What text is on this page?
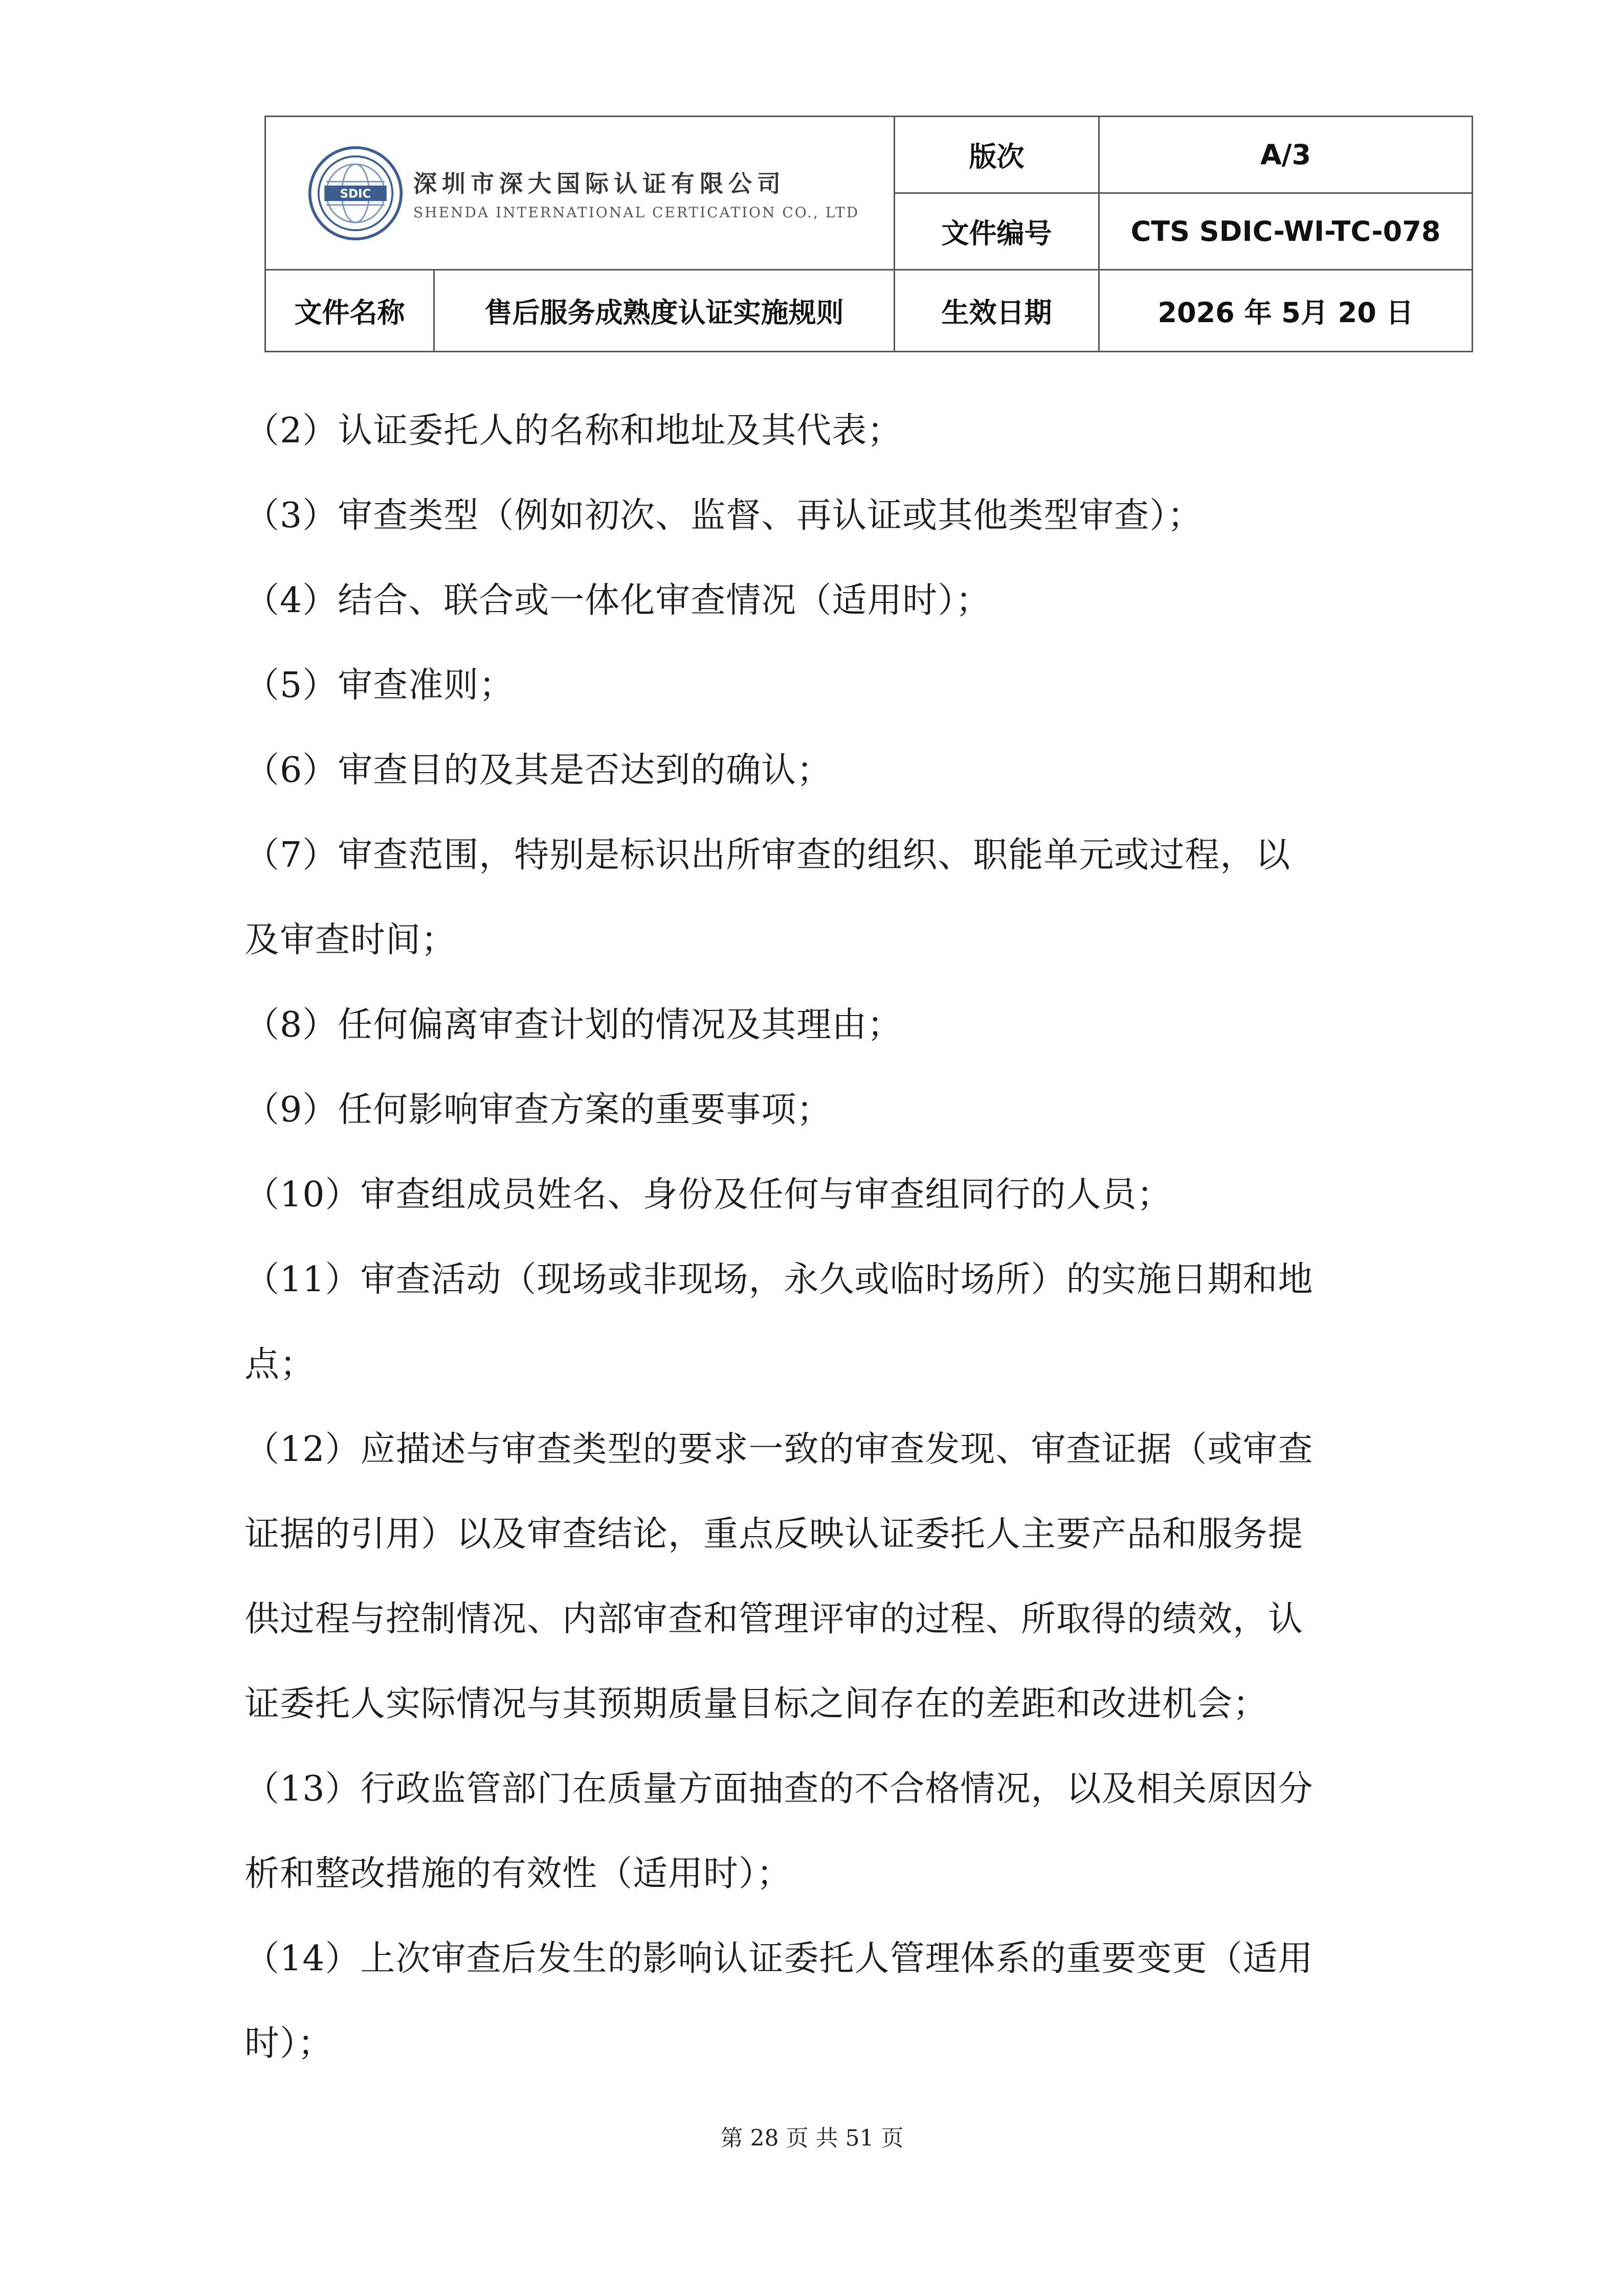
SDIC 深圳市深大国际认证有限公司
SHENDA INTERNATIONAL CERTICATION CO., LTD		版次	A/3
		文件编号	CTS SDIC-WI-TC-078
文件名称	售后服务成熟度认证实施规则	生效日期	2026 年 5月 20 日

（2）认证委托人的名称和地址及其代表；

（3）审查类型（例如初次、监督、再认证或其他类型审查）；

（4）结合、联合或一体化审查情况（适用时）；

（5）审查准则；

（6）审查目的及其是否达到的确认；

（7）审查范围，特别是标识出所审查的组织、职能单元或过程，以

及审查时间；

（8）任何偏离审查计划的情况及其理由；

（9）任何影响审查方案的重要事项；

（10）审查组成员姓名、身份及任何与审查组同行的人员；

（11）审查活动（现场或非现场，永久或临时场所）的实施日期和地

点；

（12）应描述与审查类型的要求一致的审查发现、审查证据（或审查

证据的引用）以及审查结论，重点反映认证委托人主要产品和服务提

供过程与控制情况、内部审查和管理评审的过程、所取得的绩效，认

证委托人实际情况与其预期质量目标之间存在的差距和改进机会；

（13）行政监管部门在质量方面抽查的不合格情况，以及相关原因分

析和整改措施的有效性（适用时）；

（14）上次审查后发生的影响认证委托人管理体系的重要变更（适用

时）；

第 28 页 共 51 页
